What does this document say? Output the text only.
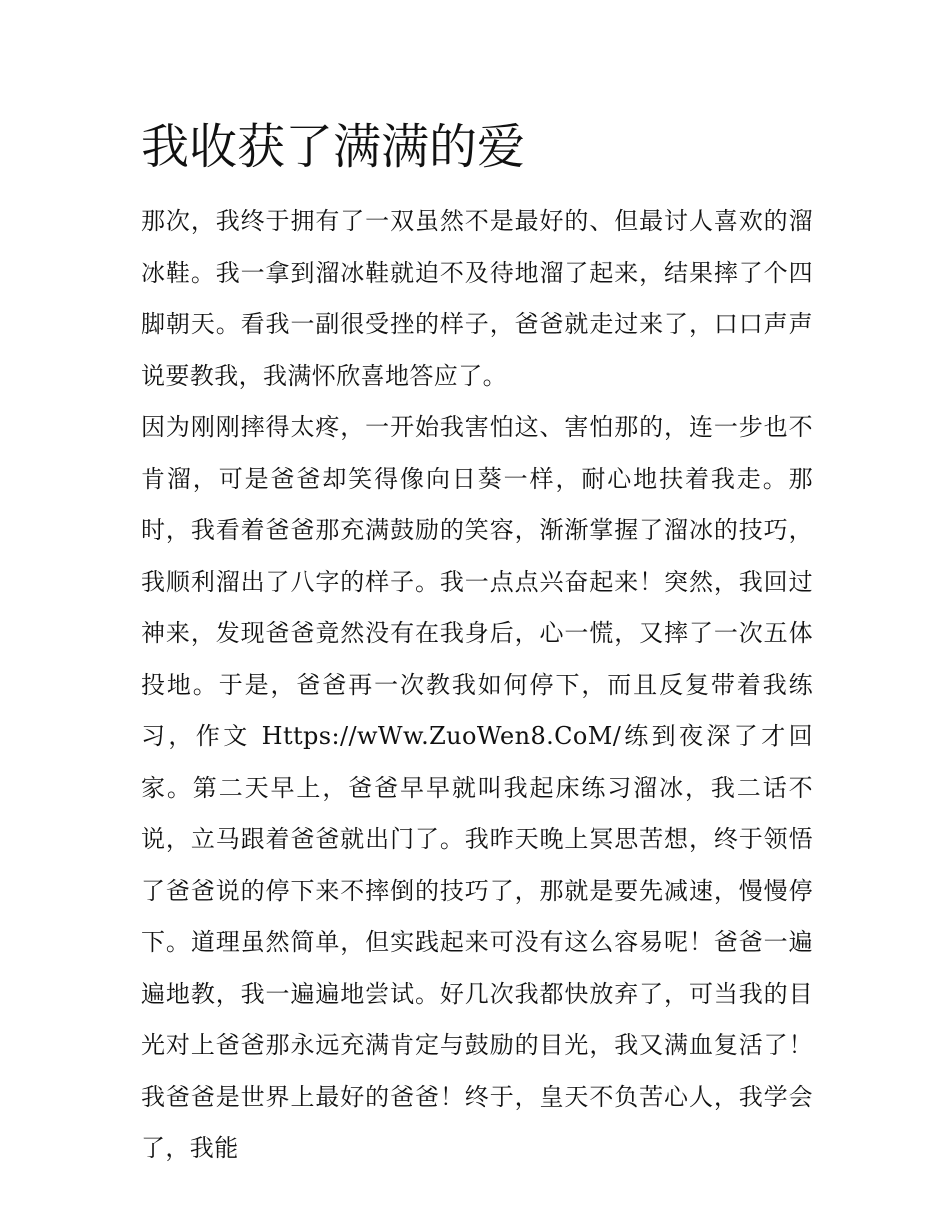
我收获了满满的爱

那次，我终于拥有了一双虽然不是最好的、但最讨人喜欢的溜冰鞋。我一拿到溜冰鞋就迫不及待地溜了起来，结果摔了个四脚朝天。看我一副很受挫的样子，爸爸就走过来了，口口声声说要教我，我满怀欣喜地答应了。

因为刚刚摔得太疼，一开始我害怕这、害怕那的，连一步也不肯溜，可是爸爸却笑得像向日葵一样，耐心地扶着我走。那时，我看着爸爸那充满鼓励的笑容，渐渐掌握了溜冰的技巧，我顺利溜出了八字的样子。我一点点兴奋起来！突然，我回过神来，发现爸爸竟然没有在我身后，心一慌，又摔了一次五体投地。于是，爸爸再一次教我如何停下，而且反复带着我练习，作文 Https://wWw.ZuoWen8.CoM/练到夜深了才回家。第二天早上，爸爸早早就叫我起床练习溜冰，我二话不说，立马跟着爸爸就出门了。我昨天晚上冥思苦想，终于领悟了爸爸说的停下来不摔倒的技巧了，那就是要先减速，慢慢停下。道理虽然简单，但实践起来可没有这么容易呢！爸爸一遍遍地教，我一遍遍地尝试。好几次我都快放弃了，可当我的目光对上爸爸那永远充满肯定与鼓励的目光，我又满血复活了！我爸爸是世界上最好的爸爸！终于，皇天不负苦心人，我学会了，我能
